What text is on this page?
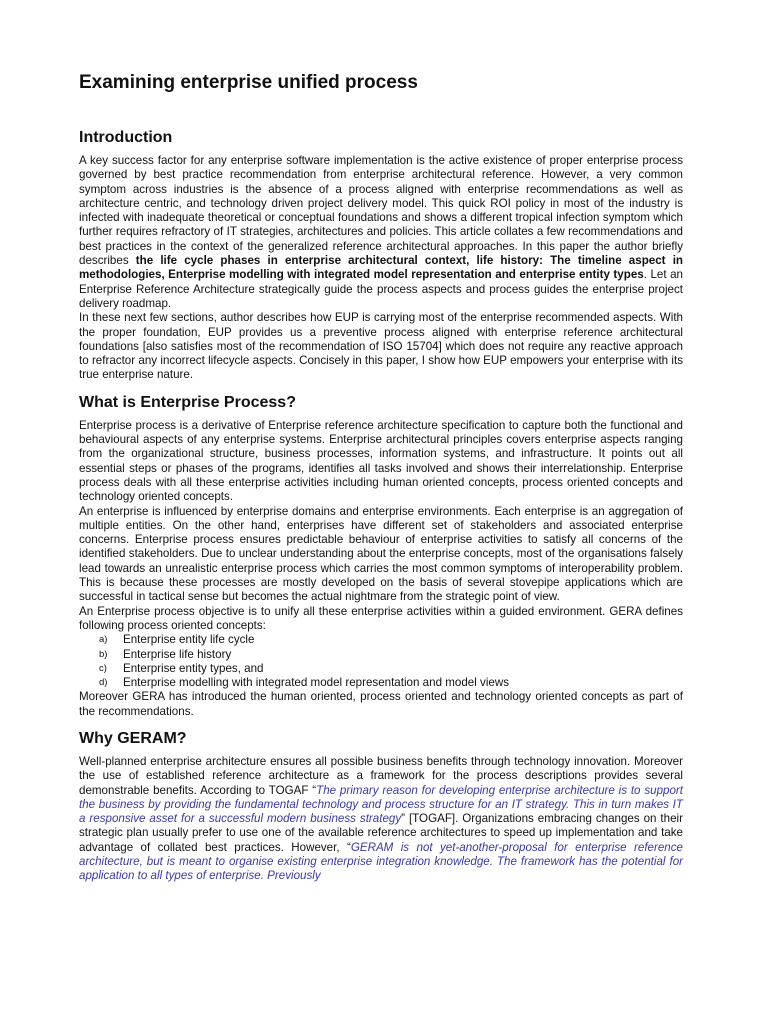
Examining enterprise unified process
Introduction

A key success factor for any enterprise software implementation is the active existence of proper enterprise process governed by best practice recommendation from enterprise architectural reference. However, a very common symptom across industries is the absence of a process aligned with enterprise recommendations as well as architecture centric, and technology driven project delivery model. This quick ROI policy in most of the industry is infected with inadequate theoretical or conceptual foundations and shows a different tropical infection symptom which further requires refractory of IT strategies, architectures and policies. This article collates a few recommendations and best practices in the context of the generalized reference architectural approaches. In this paper the author briefly describes the life cycle phases in enterprise architectural context, life history: The timeline aspect in methodologies, Enterprise modelling with integrated model representation and enterprise entity types. Let an Enterprise Reference Architecture strategically guide the process aspects and process guides the enterprise project delivery roadmap.

In these next few sections, author describes how EUP is carrying most of the enterprise recommended aspects. With the proper foundation, EUP provides us a preventive process aligned with enterprise reference architectural foundations [also satisfies most of the recommendation of ISO 15704] which does not require any reactive approach to refractor any incorrect lifecycle aspects. Concisely in this paper, I show how EUP empowers your enterprise with its true enterprise nature.

What is Enterprise Process?

Enterprise process is a derivative of Enterprise reference architecture specification to capture both the functional and behavioural aspects of any enterprise systems. Enterprise architectural principles covers enterprise aspects ranging from the organizational structure, business processes, information systems, and infrastructure. It points out all essential steps or phases of the programs, identifies all tasks involved and shows their interrelationship. Enterprise process deals with all these enterprise activities including human oriented concepts, process oriented concepts and technology oriented concepts.

An enterprise is influenced by enterprise domains and enterprise environments. Each enterprise is an aggregation of multiple entities. On the other hand, enterprises have different set of stakeholders and associated enterprise concerns. Enterprise process ensures predictable behaviour of enterprise activities to satisfy all concerns of the identified stakeholders. Due to unclear understanding about the enterprise concepts, most of the organisations falsely lead towards an unrealistic enterprise process which carries the most common symptoms of interoperability problem. This is because these processes are mostly developed on the basis of several stovepipe applications which are successful in tactical sense but becomes the actual nightmare from the strategic point of view.

An Enterprise process objective is to unify all these enterprise activities within a guided environment. GERA defines following process oriented concepts:

a)	Enterprise entity life cycle
b)	Enterprise life history
c)	Enterprise entity types, and
d)	Enterprise modelling with integrated model representation and model views

Moreover GERA has introduced the human oriented, process oriented and technology oriented concepts as part of the recommendations.

Why GERAM?

Well-planned enterprise architecture ensures all possible business benefits through technology innovation. Moreover the use of established reference architecture as a framework for the process descriptions provides several demonstrable benefits. According to TOGAF “The primary reason for developing enterprise architecture is to support the business by providing the fundamental technology and process structure for an IT strategy. This in turn makes IT a responsive asset for a successful modern business strategy” [TOGAF]. Organizations embracing changes on their strategic plan usually prefer to use one of the available reference architectures to speed up implementation and take advantage of collated best practices. However, “GERAM is not yet-another-proposal for enterprise reference architecture, but is meant to organise existing enterprise integration knowledge. The framework has the potential for application to all types of enterprise. Previously
